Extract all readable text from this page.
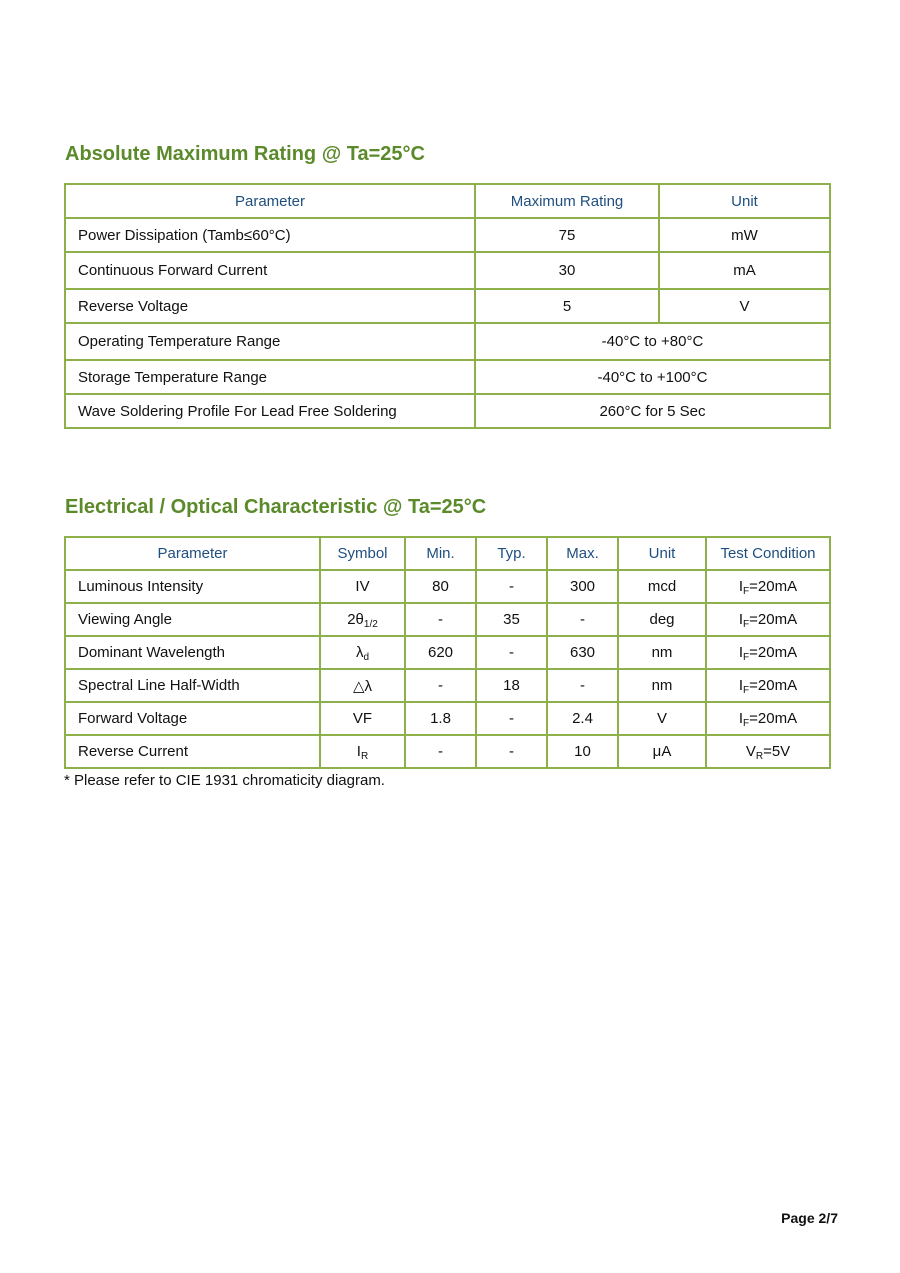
Absolute Maximum Rating @ Ta=25°C
Parameter	Maximum Rating	Unit
Power Dissipation (Tamb≤60°C)	75	mW
Continuous Forward Current	30	mA
Reverse Voltage	5	V
Operating Temperature Range	-40°C to +80°C	
Storage Temperature Range	-40°C to +100°C	
Wave Soldering Profile For Lead Free Soldering	260°C for 5 Sec	
Electrical / Optical Characteristic @ Ta=25°C
Parameter	Symbol	Min.	Typ.	Max.	Unit	Test Condition
Luminous Intensity	IV	80	-	300	mcd	$I_F=20mA$
Viewing Angle	$2\theta_{1/2}$	-	35	-	deg	$I_F=20mA$
Dominant Wavelength	$\lambda_d$	620	-	630	nm	$I_F=20mA$
Spectral Line Half-Width	△λ	-	18	-	nm	$I_F=20mA$
Forward Voltage	VF	1.8	-	2.4	V	$I_F=20mA$
Reverse Current	$I_R$	-	-	10	μA	$V_R=5V$

* Please refer to CIE 1931 chromaticity diagram.

Page 2/7
